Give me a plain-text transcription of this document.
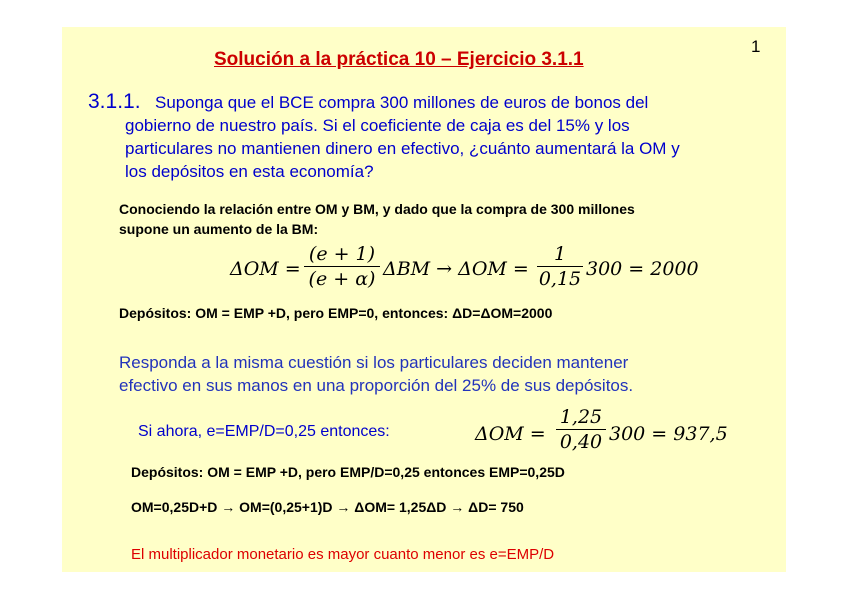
1
Solución a la práctica 10 – Ejercicio 3.1.1
3.1.1. Suponga que el BCE compra 300 millones de euros de bonos del
gobierno de nuestro país. Si el coeficiente de caja es del 15% y los
particulares no mantienen dinero en efectivo, ¿cuánto aumentará la OM y
los depósitos en esta economía?
Conociendo la relación entre OM y BM, y dado que la compra de 300 millones
supone un aumento de la BM:
ΔOM =
(e + 1)
(e + α) ΔBM → ΔOM =
1
0,15 300 = 2000
Depósitos: OM = EMP +D, pero EMP=0, entonces: ΔD=ΔOM=2000
Responda a la misma cuestión si los particulares deciden mantener
efectivo en sus manos en una proporción del 25% de sus depósitos.
Si ahora, e=EMP/D=0,25 entonces:	ΔOM =
1,25
0,40 300 = 937,5
Depósitos: OM = EMP +D, pero EMP/D=0,25 entonces EMP=0,25D
OM=0,25D+D → OM=(0,25+1)D → ΔOM= 1,25ΔD → ΔD= 750
El multiplicador monetario es mayor cuanto menor es e=EMP/D
